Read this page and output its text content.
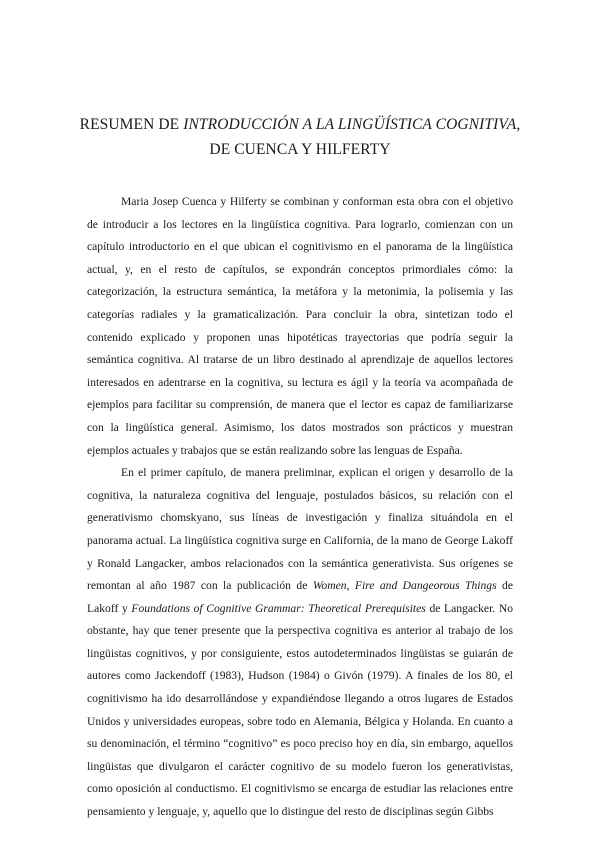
RESUMEN DE INTRODUCCIÓN A LA LINGÜÍSTICA COGNITIVA, DE CUENCA Y HILFERTY

Maria Josep Cuenca y Hilferty se combinan y conforman esta obra con el objetivo de introducir a los lectores en la lingüística cognitiva. Para lograrlo, comienzan con un capítulo introductorio en el que ubican el cognitivismo en el panorama de la lingüística actual, y, en el resto de capítulos, se expondrán conceptos primordiales cómo: la categorización, la estructura semántica, la metáfora y la metonimia, la polisemia y las categorías radiales y la gramaticalización. Para concluir la obra, sintetizan todo el contenido explicado y proponen unas hipotéticas trayectorias que podría seguir la semántica cognitiva. Al tratarse de un libro destinado al aprendizaje de aquellos lectores interesados en adentrarse en la cognitiva, su lectura es ágil y la teoría va acompañada de ejemplos para facilitar su comprensión, de manera que el lector es capaz de familiarizarse con la lingüística general. Asimismo, los datos mostrados son prácticos y muestran ejemplos actuales y trabajos que se están realizando sobre las lenguas de España.

En el primer capítulo, de manera preliminar, explican el origen y desarrollo de la cognitiva, la naturaleza cognitiva del lenguaje, postulados básicos, su relación con el generativismo chomskyano, sus líneas de investigación y finaliza situándola en el panorama actual. La lingüística cognitiva surge en California, de la mano de George Lakoff y Ronald Langacker, ambos relacionados con la semántica generativista. Sus orígenes se remontan al año 1987 con la publicación de Women, Fire and Dangeorous Things de Lakoff y Foundations of Cognitive Grammar: Theoretical Prerequisites de Langacker. No obstante, hay que tener presente que la perspectiva cognitiva es anterior al trabajo de los lingüistas cognitivos, y por consiguiente, estos autodeterminados lingüistas se guiarán de autores como Jackendoff (1983), Hudson (1984) o Givón (1979). A finales de los 80, el cognitivismo ha ido desarrollándose y expandiéndose llegando a otros lugares de Estados Unidos y universidades europeas, sobre todo en Alemania, Bélgica y Holanda. En cuanto a su denominación, el término “cognitivo” es poco preciso hoy en día, sin embargo, aquellos lingüistas que divulgaron el carácter cognitivo de su modelo fueron los generativistas, como oposición al conductismo. El cognitivismo se encarga de estudiar las relaciones entre pensamiento y lenguaje, y, aquello que lo distingue del resto de disciplinas según Gibbs
